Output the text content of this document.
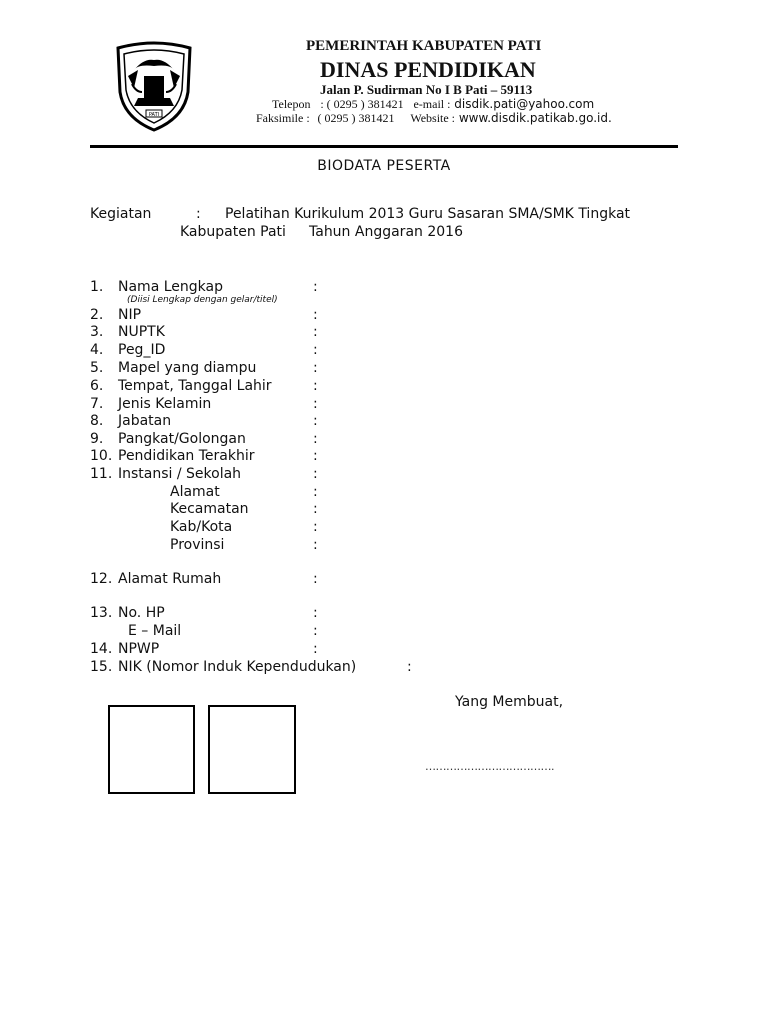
PATI
PEMERINTAH KABUPATEN PATI
DINAS PENDIDIKAN
Jalan P. Sudirman No I B Pati – 59113
Telepon : ( 0295 ) 381421 e-mail : disdik.pati@yahoo.com
Faksimile : ( 0295 ) 381421 Website : www.disdik.patikab.go.id.
BIODATA PESERTA
Kegiatan	: Pelatihan Kurikulum 2013 Guru Sasaran SMA/SMK Tingkat
Kabupaten Pati Tahun Anggaran 2016
1. Nama Lengkap	:
2. NIP	:
3. NUPTK	:
4. Peg_ID	:
5. Mapel yang diampu	:
6. Tempat, Tanggal Lahir	:
7. Jenis Kelamin	:
8. Jabatan	:
9. Pangkat/Golongan	:
10. Pendidikan Terakhir	:
11. Instansi / Sekolah	:
Alamat	:
Kecamatan	:
Kab/Kota	:
Provinsi	:
12. Alamat Rumah	:
13. No. HP	:
E – Mail	:
14. NPWP	:
15. NIK (Nomor Induk Kependudukan)	:
(Diisi Lengkap dengan gelar/titel)
Yang Membuat,
……………………………….
